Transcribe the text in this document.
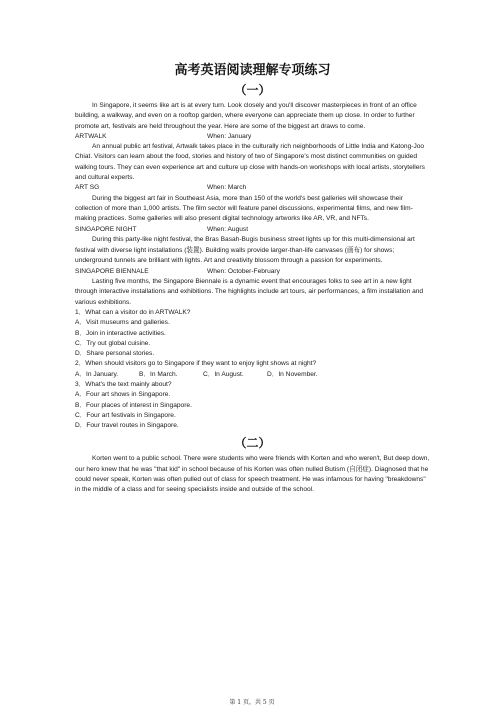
高考英语阅读理解专项练习
（一）

In Singapore, it seems like art is at every turn. Look closely and you'll discover masterpieces in front of an office building, a walkway, and even on a rooftop garden, where everyone can appreciate them up close. In order to further promote art, festivals are held throughout the year. Here are some of the biggest art draws to come.

ARTWALK	When: January

An annual public art festival, Artwalk takes place in the culturally rich neighborhoods of Little India and Katong-Joo Chiat. Visitors can learn about the food, stories and history of two of Singapore's most distinct communities on guided walking tours. They can even experience art and culture up close with hands-on workshops with local artists, storytellers and cultural experts.

ART SG	When: March

During the biggest art fair in Southeast Asia, more than 150 of the world's best galleries will showcase their collection of more than 1,000 artists. The film sector will feature panel discussions, experimental films, and new film-making practices. Some galleries will also present digital technology artworks like AR, VR, and NFTs.

SINGAPORE NIGHT	When: August

During this party-like night festival, the Bras Basah-Bugis business street lights up for this multi-dimensional art festival with diverse light installations (装置). Building walls provide larger-than-life canvases (画布) for shows; underground tunnels are brilliant with lights. Art and creativity blossom through a passion for experiments.

SINGAPORE BIENNALE	When: October-February

Lasting five months, the Singapore Biennale is a dynamic event that encourages folks to see art in a new light through interactive installations and exhibitions. The highlights include art tours, air performances, a film installation and various exhibitions.

1．What can a visitor do in ARTWALK?
A．Visit museums and galleries.
B．Join in interactive activities.
C．Try out global cuisine.
D．Share personal stories.
2．When should visitors go to Singapore if they want to enjoy light shows at night?
A．In January.	B．In March.	C．In August.	D．In November.
3．What's the text mainly about?
A．Four art shows in Singapore.
B．Four places of interest in Singapore.
C．Four art festivals in Singapore.
D．Four travel routes in Singapore.
（二）

Korten went to a public school. There were students who were friends with Korten and who weren't, But deep down, our hero knew that he was "that kid" in school because of his Korten was often nulled Butism (自闭症). Diagnosed that he could never speak, Korten was often pulled out of class for speech treatment. He was infamous for having "breakdowns" in the middle of a class and for seeing specialists inside and outside of the school.

第 1 页，共 5 页
